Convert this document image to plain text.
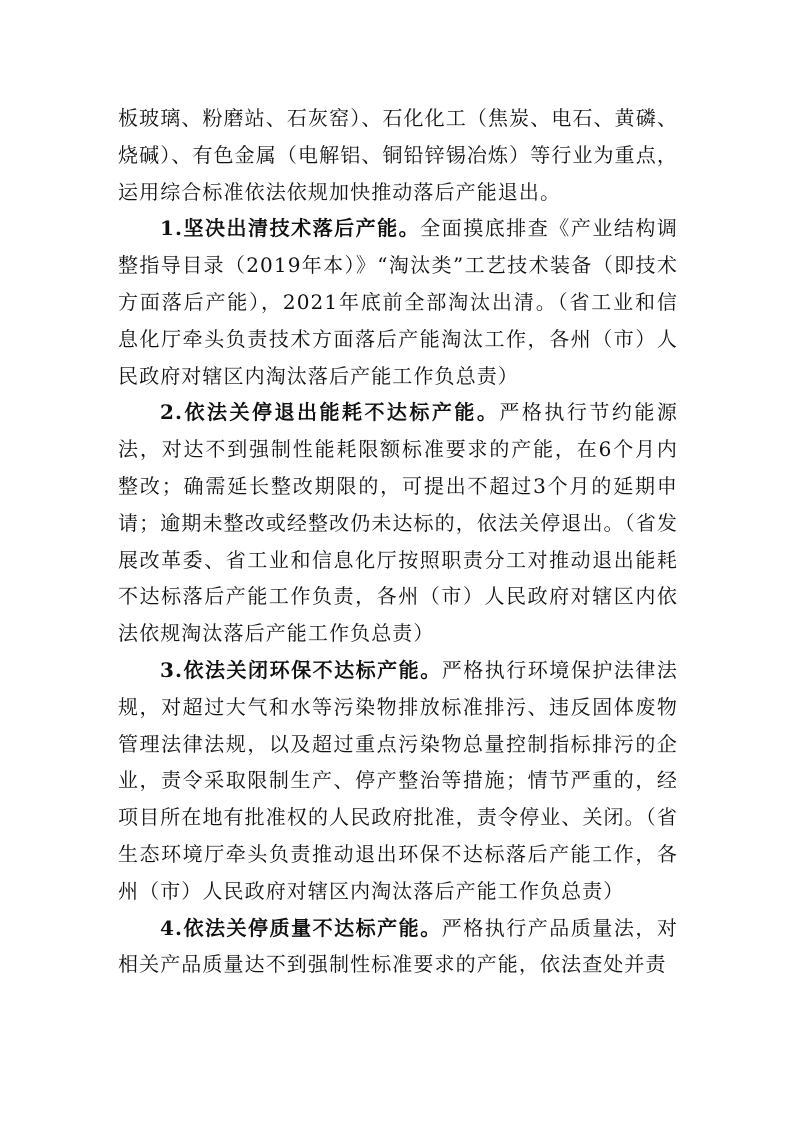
板玻璃、粉磨站、石灰窑）、石化化工（焦炭、电石、黄磷、烧碱）、有色金属（电解铝、铜铅锌锡冶炼）等行业为重点，运用综合标准依法依规加快推动落后产能退出。

1.坚决出清技术落后产能。全面摸底排查《产业结构调整指导目录（2019年本）》“淘汰类”工艺技术装备（即技术方面落后产能），2021年底前全部淘汰出清。（省工业和信息化厅牵头负责技术方面落后产能淘汰工作，各州（市）人民政府对辖区内淘汰落后产能工作负总责）

2.依法关停退出能耗不达标产能。严格执行节约能源法，对达不到强制性能耗限额标准要求的产能，在6个月内整改；确需延长整改期限的，可提出不超过3个月的延期申请；逾期未整改或经整改仍未达标的，依法关停退出。（省发展改革委、省工业和信息化厅按照职责分工对推动退出能耗不达标落后产能工作负责，各州（市）人民政府对辖区内依法依规淘汰落后产能工作负总责）

3.依法关闭环保不达标产能。严格执行环境保护法律法规，对超过大气和水等污染物排放标准排污、违反固体废物管理法律法规，以及超过重点污染物总量控制指标排污的企业，责令采取限制生产、停产整治等措施；情节严重的，经项目所在地有批准权的人民政府批准，责令停业、关闭。（省生态环境厅牵头负责推动退出环保不达标落后产能工作，各州（市）人民政府对辖区内淘汰落后产能工作负总责）

4.依法关停质量不达标产能。严格执行产品质量法，对相关产品质量达不到强制性标准要求的产能，依法查处并责
